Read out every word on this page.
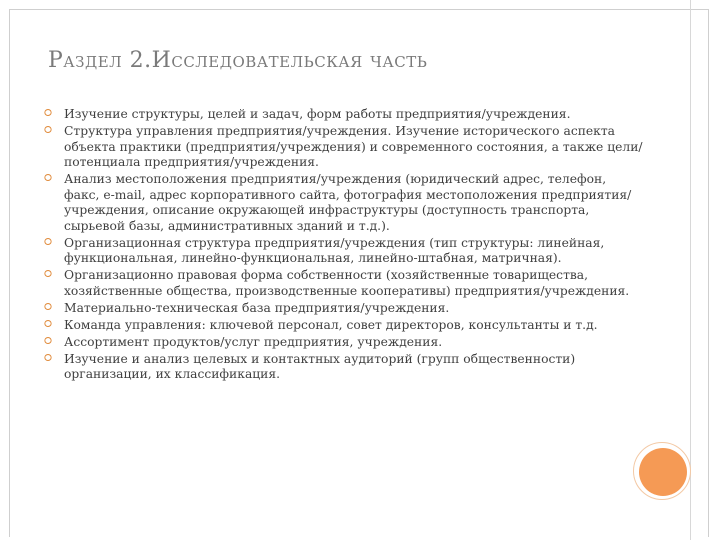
Раздел 2.Исследовательская часть
⭘ Изучение структуры, целей и задач, форм работы предприятия/учреждения.
⭘ Структура управления предприятия/учреждения. Изучение исторического аспекта объекта практики (предприятия/учреждения) и современного состояния, а также цели/потенциала предприятия/учреждения.
⭘ Анализ местоположения предприятия/учреждения (юридический адрес, телефон, факс, e-mail, адрес корпоративного сайта, фотография местоположения предприятия/учреждения, описание окружающей инфраструктуры (доступность транспорта, сырьевой базы, административных зданий и т.д.).
⭘ Организационная структура предприятия/учреждения (тип структуры: линейная, функциональная, линейно-функциональная, линейно-штабная, матричная).
⭘ Организационно правовая форма собственности (хозяйственные товарищества, хозяйственные общества, производственные кооперативы) предприятия/учреждения.
⭘ Материально-техническая база предприятия/учреждения.
⭘ Команда управления: ключевой персонал, совет директоров, консультанты и т.д.
⭘ Ассортимент продуктов/услуг предприятия, учреждения.
⭘ Изучение и анализ целевых и контактных аудиторий (групп общественности) организации, их классификация.
